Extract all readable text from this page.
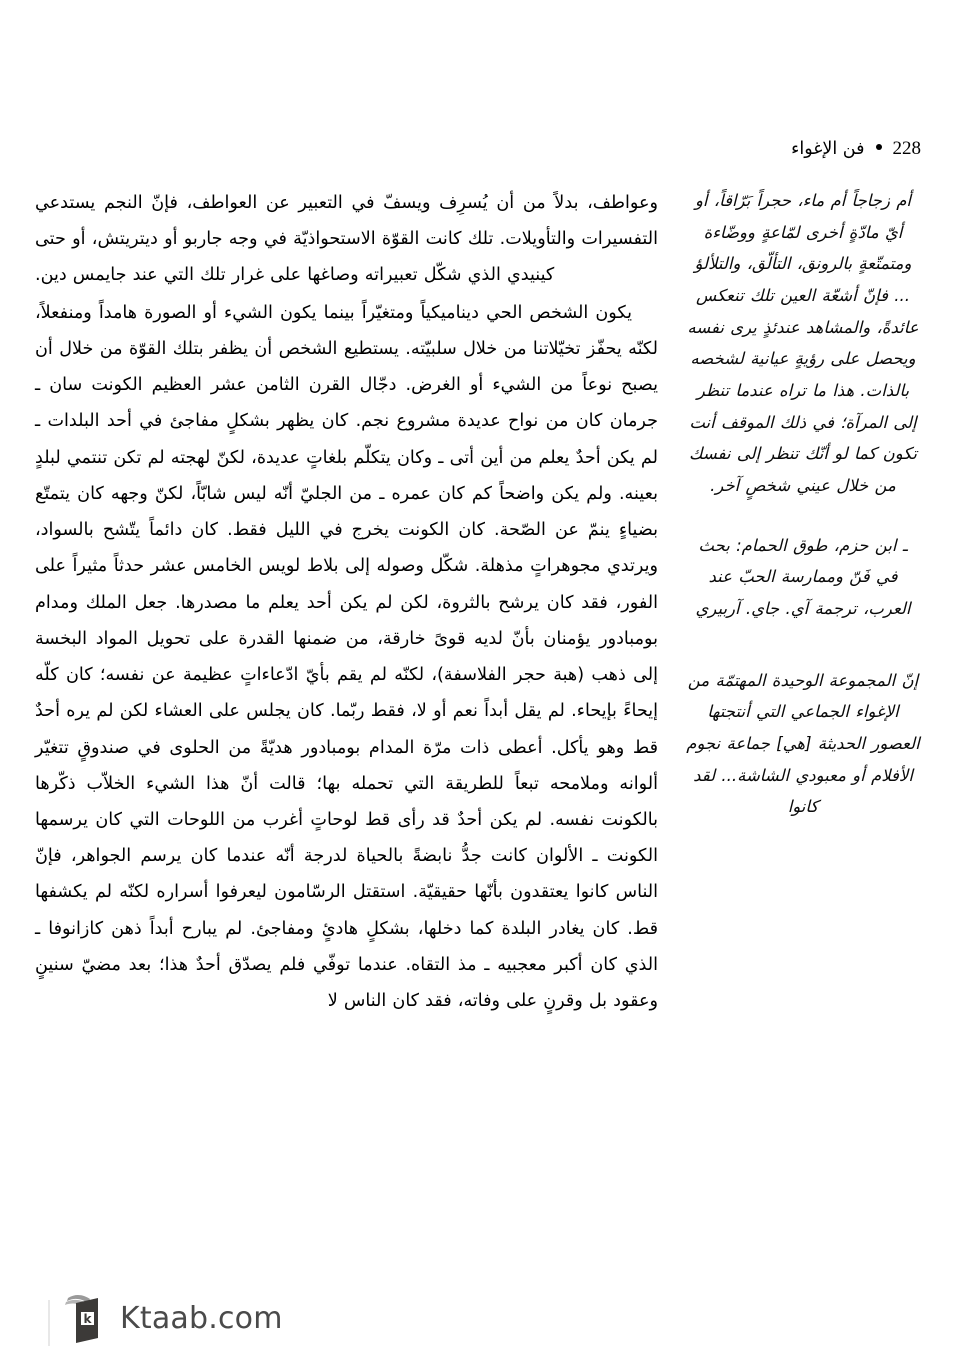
228
فن الإغواء
أم زجاجاً أم ماء، حجراً بَرّاقاً، أو أيّ مادّةٍ أخرى لمّاعةٍ ووضّاءة ومتمتّعةٍ بالرونق، التألّق، والتلألؤ ... فإنّ أشعّة العين تلك تنعكس عائدةً، والمشاهد عندئذٍ يرى نفسه ويحصل على رؤيةٍ عيانية لشخصه بالذات. هذا ما تراه عندما تنظر إلى المرآة؛ في ذلك الموقف أنت تكون كما لو أنّك تنظر إلى نفسك من خلال عيني شخصٍ آخر.
ـ ابن حزم، طوق الحمام: بحث في فَنّ وممارسة الحبّ عند العرب، ترجمة آي. جاي. آربيري
إنّ المجموعة الوحيدة المهتمّة من الإغواء الجماعي التي أنتجتها العصور الحديثة [هي] جماعة نجوم الأفلام أو معبودي الشاشة... لقد كانوا

وعواطف، بدلاً من أن يُسرِف ويسفّ في التعبير عن العواطف، فإنّ النجم يستدعي التفسيرات والتأويلات. تلك كانت القوّة الاستحواذيّة في وجه جاربو أو ديتريتش، أو حتى كينيدي الذي شكّل تعبيراته وصاغها على غرار تلك التي عند جايمس دين.

يكون الشخص الحي ديناميكياً ومتغيّراً بينما يكون الشيء أو الصورة هامداً ومنفعلاً، لكنّه يحفّز تخيّلاتنا من خلال سلبيّته. يستطيع الشخص أن يظفر بتلك القوّة من خلال أن يصبح نوعاً من الشيء أو الغرض. دجّال القرن الثامن عشر العظيم الكونت سان ـ جرمان كان من نواح عديدة مشروع نجم. كان يظهر بشكلٍ مفاجئ في أحد البلدات ـ لم يكن أحدٌ يعلم من أين أتى ـ وكان يتكلّم بلغاتٍ عديدة، لكنّ لهجته لم تكن تنتمي لبلدٍ بعينه. ولم يكن واضحاً كم كان عمره ـ من الجليّ أنّه ليس شابّاً، لكنّ وجهه كان يتمتّع بضياءٍ ينمّ عن الصّحة. كان الكونت يخرج في الليل فقط. كان دائماً يتّشح بالسواد، ويرتدي مجوهراتٍ مذهلة. شكّل وصوله إلى بلاط لويس الخامس عشر حدثاً مثيراً على الفور، فقد كان يرشح بالثروة، لكن لم يكن أحد يعلم ما مصدرها. جعل الملك ومدام بومبادور يؤمنان بأنّ لديه قوىً خارقة، من ضمنها القدرة على تحويل المواد البخسة إلى ذهب (هبة حجر الفلاسفة)، لكنّه لم يقم بأيّ ادّعاءاتٍ عظيمة عن نفسه؛ كان كلّه إيحاءً بإيحاء. لم يقل أبداً نعم أو لا، فقط ربّما. كان يجلس على العشاء لكن لم يره أحدٌ قط وهو يأكل. أعطى ذات مرّة المدام بومبادور هديّةً من الحلوى في صندوقٍ تتغيّر ألوانه وملامحه تبعاً للطريقة التي تحمله بها؛ قالت أنّ هذا الشيء الخلاّب ذكّرها بالكونت نفسه. لم يكن أحدٌ قد رأى قط لوحاتٍ أغرب من اللوحات التي كان يرسمها الكونت ـ الألوان كانت جدُّ نابضةً بالحياة لدرجة أنّه عندما كان يرسم الجواهر، فإنّ الناس كانوا يعتقدون بأنّها حقيقيّة. استقتل الرسّامون ليعرفوا أسراره لكنّه لم يكشفها قط. كان يغادر البلدة كما دخلها، بشكلٍ هادئٍ ومفاجئ. لم يبارح أبداً ذهن كازانوفا ـ الذي كان أكبر معجبيه ـ مذ التقاه. عندما توفّي فلم يصدّق أحدٌ هذا؛ بعد مضيّ سنينٍ وعقود بل وقرنٍ على وفاته، فقد كان الناس لا

k Ktaab.com
